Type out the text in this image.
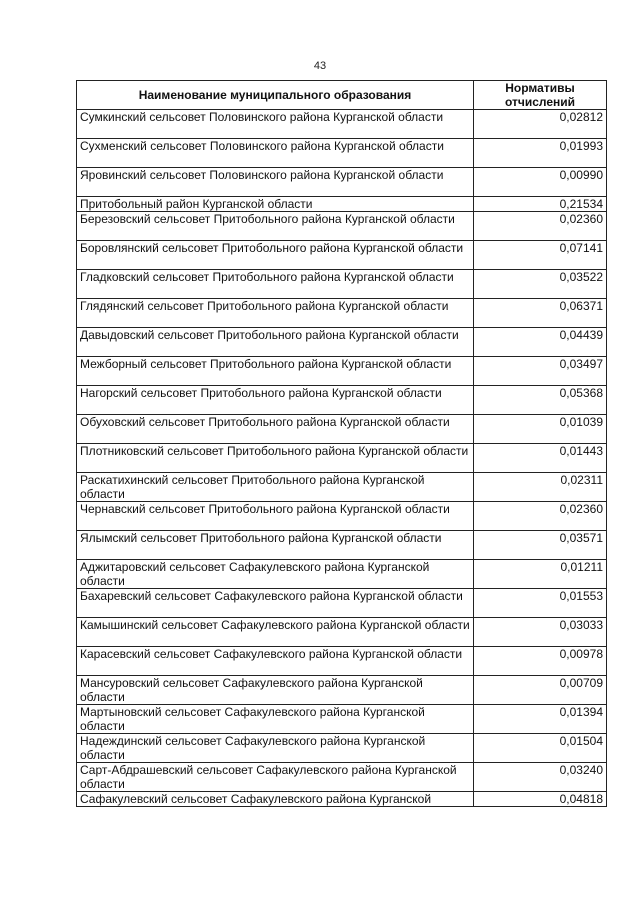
43
Наименование муниципального образования	Нормативы отчислений
Сумкинский сельсовет Половинского района Курганской области	0,02812
Сухменский сельсовет Половинского района Курганской области	0,01993
Яровинский сельсовет Половинского района Курганской области	0,00990
Притобольный район Курганской области	0,21534
Березовский сельсовет Притобольного района Курганской области	0,02360
Боровлянский сельсовет Притобольного района Курганской области	0,07141
Гладковский сельсовет Притобольного района Курганской области	0,03522
Глядянский сельсовет Притобольного района Курганской области	0,06371
Давыдовский сельсовет Притобольного района Курганской области	0,04439
Межборный сельсовет Притобольного района Курганской области	0,03497
Нагорский сельсовет Притобольного района Курганской области	0,05368
Обуховский сельсовет Притобольного района Курганской области	0,01039
Плотниковский сельсовет Притобольного района Курганской области	0,01443
Раскатихинский сельсовет Притобольного района Курганской области	0,02311
Чернавский сельсовет Притобольного района Курганской области	0,02360
Ялымский сельсовет Притобольного района Курганской области	0,03571
Аджитаровский сельсовет Сафакулевского района Курганской области	0,01211
Бахаревский сельсовет Сафакулевского района Курганской области	0,01553
Камышинский сельсовет Сафакулевского района Курганской области	0,03033
Карасевский сельсовет Сафакулевского района Курганской области	0,00978
Мансуровский сельсовет Сафакулевского района Курганской области	0,00709
Мартыновский сельсовет Сафакулевского района Курганской области	0,01394
Надеждинский сельсовет Сафакулевского района Курганской области	0,01504
Сарт-Абдрашевский сельсовет Сафакулевского района Курганской области	0,03240
Сафакулевский сельсовет Сафакулевского района Курганской	0,04818
